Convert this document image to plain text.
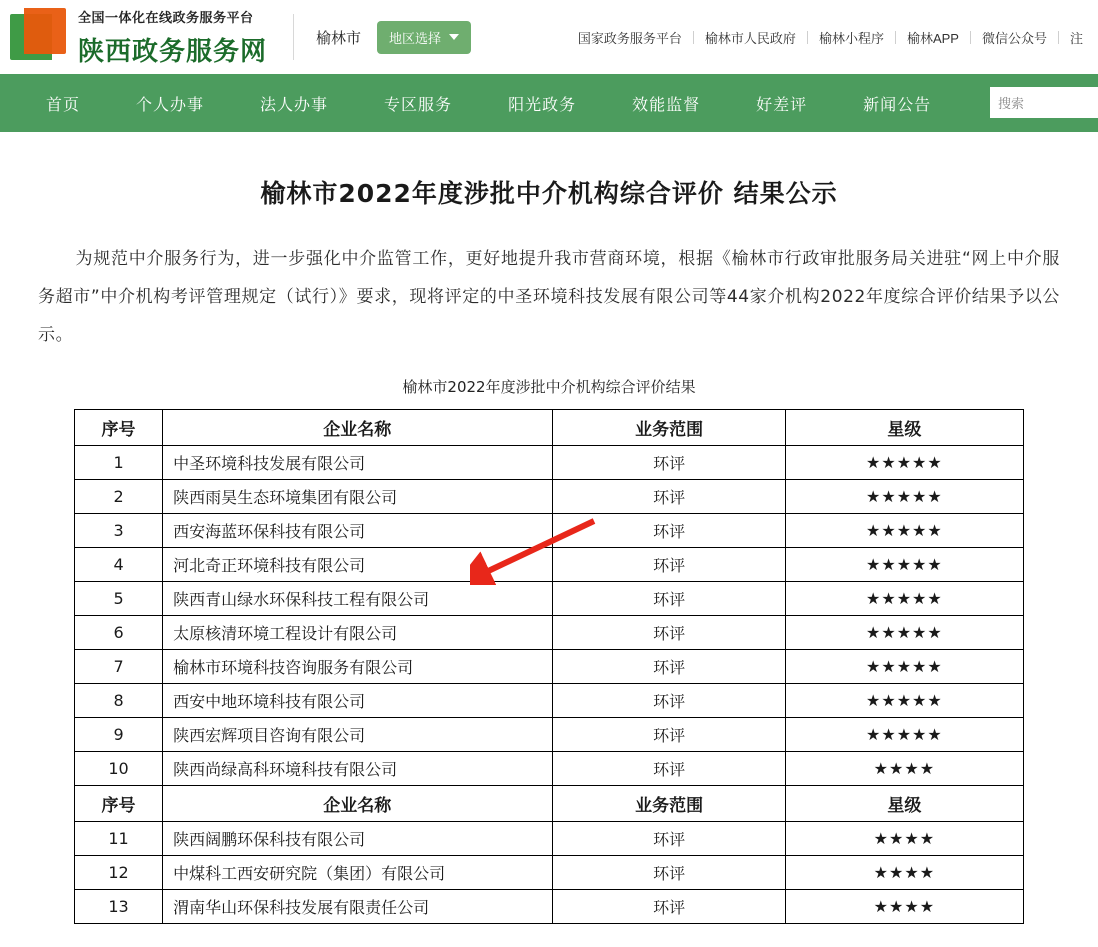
全国一体化在线政务服务平台
陕西政务服务网	榆林市 地区选择	国家政务服务平台	榆林市人民政府	榆林小程序	榆林APP	微信公众号	注
首页	个人办事	法人办事	专区服务	阳光政务	效能监督	好差评	新闻公告	搜索
榆林市2022年度涉批中介机构综合评价 结果公示
为规范中介服务行为，进一步强化中介监管工作，更好地提升我市营商环境，根据《榆林市行政审批服务局关进驻“网上中介服务超市”中介机构考评管理规定（试行）》要求，现将评定的中圣环境科技发展有限公司等44家介机构2022年度综合评价结果予以公示。
榆林市2022年度涉批中介机构综合评价结果
序号	企业名称	业务范围	星级
1	中圣环境科技发展有限公司	环评	★★★★★
2	陕西雨昊生态环境集团有限公司	环评	★★★★★
3	西安海蓝环保科技有限公司	环评	★★★★★
4	河北奇正环境科技有限公司	环评	★★★★★
5	陕西青山绿水环保科技工程有限公司	环评	★★★★★
6	太原核清环境工程设计有限公司	环评	★★★★★
7	榆林市环境科技咨询服务有限公司	环评	★★★★★
8	西安中地环境科技有限公司	环评	★★★★★
9	陕西宏辉项目咨询有限公司	环评	★★★★★
10	陕西尚绿高科环境科技有限公司	环评	★★★★
序号	企业名称	业务范围	星级
11	陕西阔鹏环保科技有限公司	环评	★★★★
12	中煤科工西安研究院（集团）有限公司	环评	★★★★
13	渭南华山环保科技发展有限责任公司	环评	★★★★
